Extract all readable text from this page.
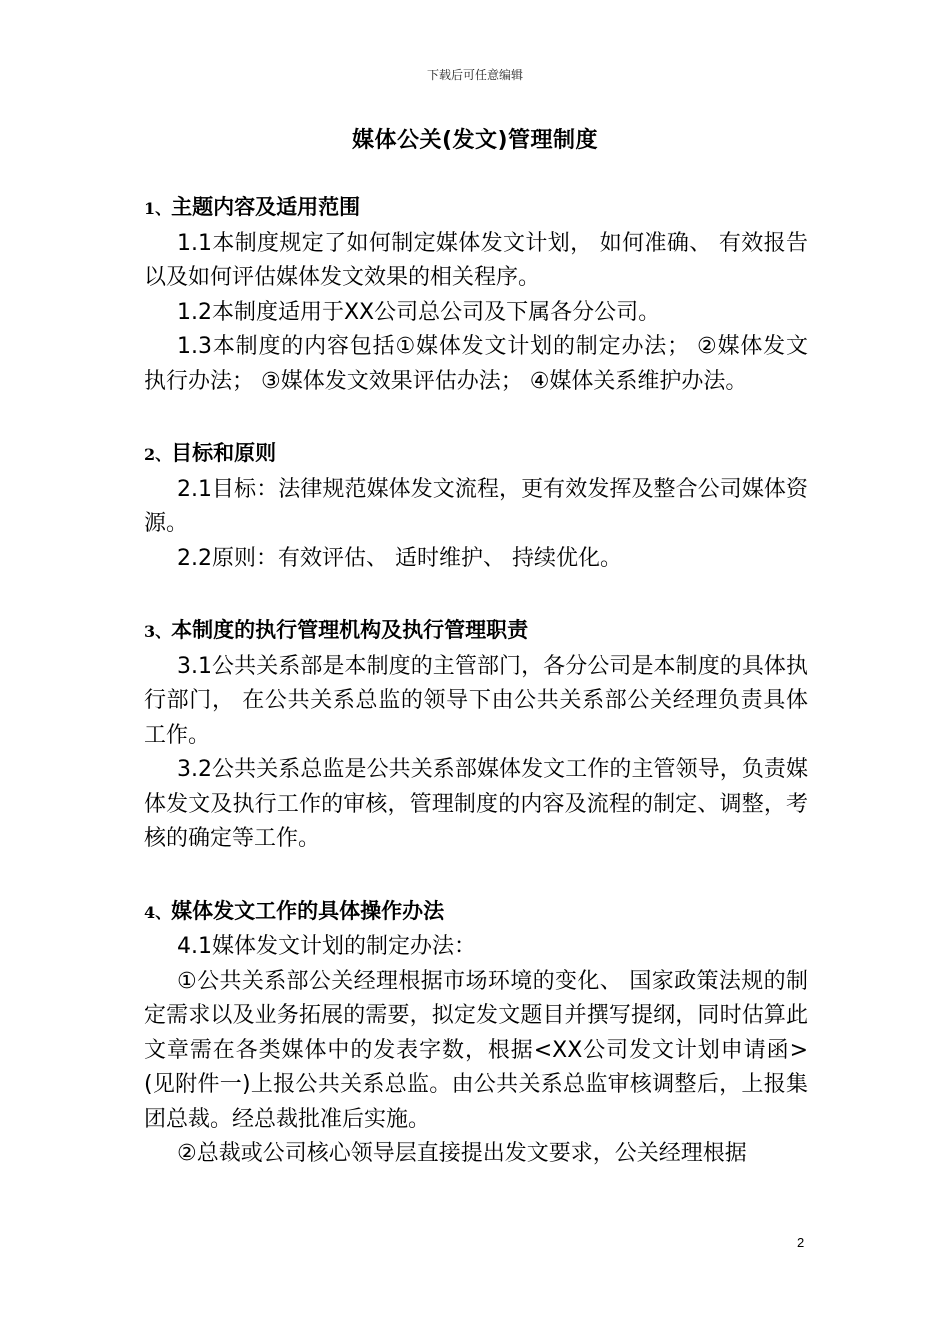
下载后可任意编辑
媒体公关(发文)管理制度
1、主题内容及适用范围
1.1本制度规定了如何制定媒体发文计划， 如何准确、 有效报告以及如何评估媒体发文效果的相关程序。
1.2本制度适用于XX公司总公司及下属各分公司。
1.3本制度的内容包括①媒体发文计划的制定办法； ②媒体发文执行办法； ③媒体发文效果评估办法； ④媒体关系维护办法。
2、目标和原则
2.1目标：法律规范媒体发文流程，更有效发挥及整合公司媒体资源。
2.2原则：有效评估、 适时维护、 持续优化。
3、本制度的执行管理机构及执行管理职责
3.1公共关系部是本制度的主管部门，各分公司是本制度的具体执行部门， 在公共关系总监的领导下由公共关系部公关经理负责具体工作。
3.2公共关系总监是公共关系部媒体发文工作的主管领导，负责媒体发文及执行工作的审核，管理制度的内容及流程的制定、调整，考核的确定等工作。
4、媒体发文工作的具体操作办法
4.1媒体发文计划的制定办法：
①公共关系部公关经理根据市场环境的变化、 国家政策法规的制定需求以及业务拓展的需要，拟定发文题目并撰写提纲，同时估算此文章需在各类媒体中的发表字数，根据<XX公司发文计划申请函>(见附件一)上报公共关系总监。由公共关系总监审核调整后，上报集团总裁。经总裁批准后实施。
②总裁或公司核心领导层直接提出发文要求，公关经理根据
2
